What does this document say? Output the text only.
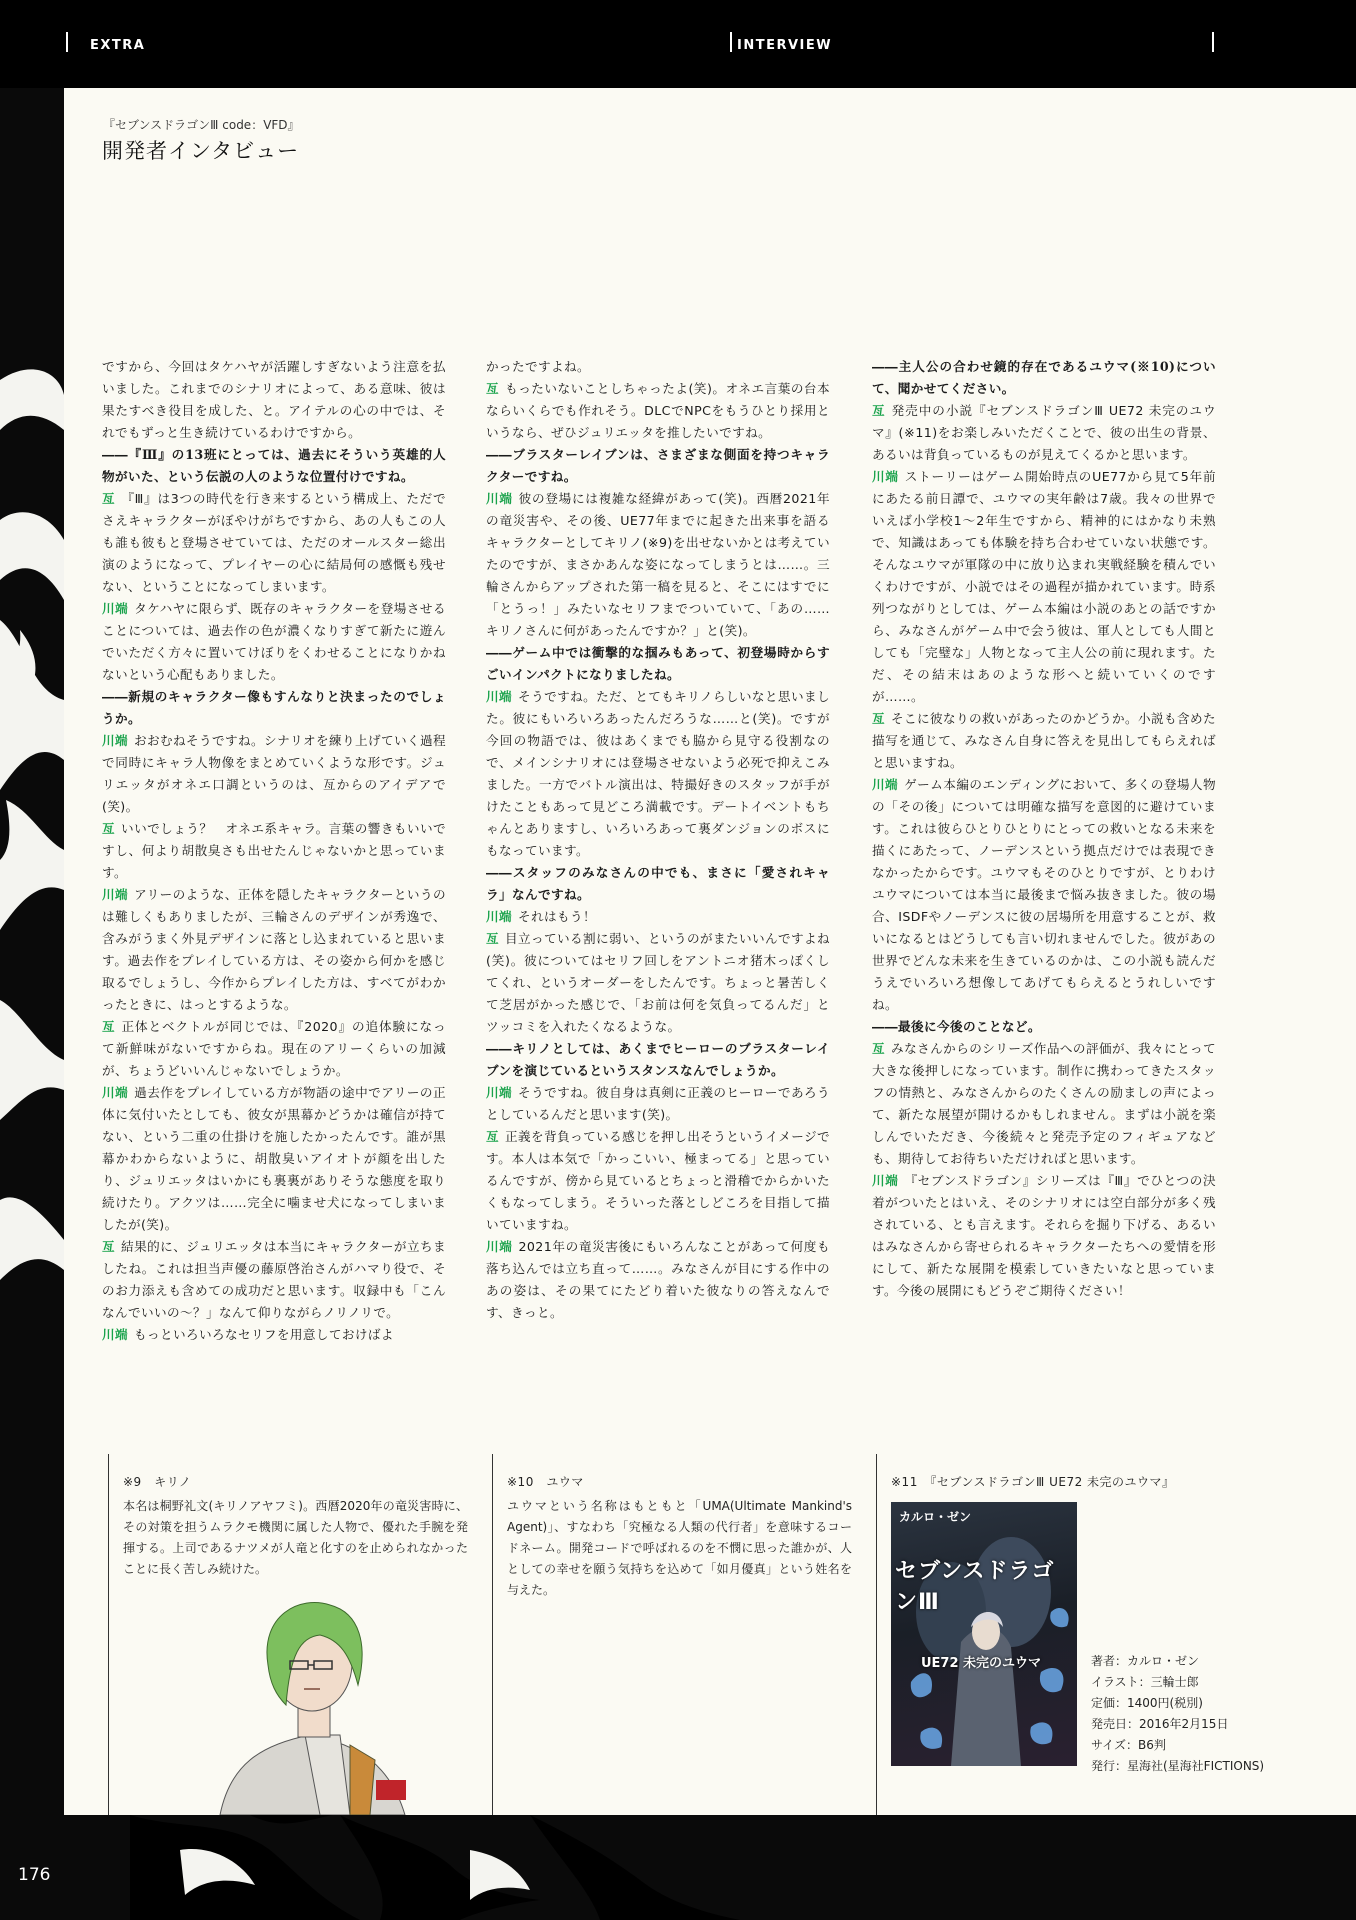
EXTRA	INTERVIEW
『セブンスドラゴンⅢ code：VFD』
開発者インタビュー

ですから、今回はタケハヤが活躍しすぎないよう注意を払いました。これまでのシナリオによって、ある意味、彼は果たすべき役目を成した、と。アイテルの心の中では、それでもずっと生き続けているわけですから。

――『Ⅲ』の13班にとっては、過去にそういう英雄的人物がいた、という伝説の人のような位置付けですね。

亙 『Ⅲ』は3つの時代を行き来するという構成上、ただでさえキャラクターがぼやけがちですから、あの人もこの人も誰も彼もと登場させていては、ただのオールスター総出演のようになって、プレイヤーの心に結局何の感慨も残せない、ということになってしまいます。

川端 タケハヤに限らず、既存のキャラクターを登場させることについては、過去作の色が濃くなりすぎて新たに遊んでいただく方々に置いてけぼりをくわせることになりかねないという心配もありました。

――新規のキャラクター像もすんなりと決まったのでしょうか。

川端 おおむねそうですね。シナリオを練り上げていく過程で同時にキャラ人物像をまとめていくような形です。ジュリエッタがオネエ口調というのは、亙からのアイデアで(笑)。

亙 いいでしょう？　オネエ系キャラ。言葉の響きもいいですし、何より胡散臭さも出せたんじゃないかと思っています。

川端 アリーのような、正体を隠したキャラクターというのは難しくもありましたが、三輪さんのデザインが秀逸で、含みがうまく外見デザインに落とし込まれていると思います。過去作をプレイしている方は、その姿から何かを感じ取るでしょうし、今作からプレイした方は、すべてがわかったときに、はっとするような。

亙 正体とベクトルが同じでは、『2020』の追体験になって新鮮味がないですからね。現在のアリーくらいの加減が、ちょうどいいんじゃないでしょうか。

川端 過去作をプレイしている方が物語の途中でアリーの正体に気付いたとしても、彼女が黒幕かどうかは確信が持てない、という二重の仕掛けを施したかったんです。誰が黒幕かわからないように、胡散臭いアイオトが顔を出したり、ジュリエッタはいかにも裏裏がありそうな態度を取り続けたり。アクツは……完全に噛ませ犬になってしまいましたが(笑)。

亙 結果的に、ジュリエッタは本当にキャラクターが立ちましたね。これは担当声優の藤原啓治さんがハマり役で、そのお力添えも含めての成功だと思います。収録中も「こんなんでいいの～？」なんて仰りながらノリノリで。

川端 もっといろいろなセリフを用意しておけばよ

かったですよね。

亙 もったいないことしちゃったよ(笑)。オネエ言葉の台本ならいくらでも作れそう。DLCでNPCをもうひとり採用というなら、ぜひジュリエッタを推したいですね。

――ブラスターレイブンは、さまざまな側面を持つキャラクターですね。

川端 彼の登場には複雑な経緯があって(笑)。西暦2021年の竜災害や、その後、UE77年までに起きた出来事を語るキャラクターとしてキリノ(※9)を出せないかとは考えていたのですが、まさかあんな姿になってしまうとは……。三輪さんからアップされた第一稿を見ると、そこにはすでに「とうっ！」みたいなセリフまでついていて、「あの……キリノさんに何があったんですか？」と(笑)。

――ゲーム中では衝撃的な掴みもあって、初登場時からすごいインパクトになりましたね。

川端 そうですね。ただ、とてもキリノらしいなと思いました。彼にもいろいろあったんだろうな……と(笑)。ですが今回の物語では、彼はあくまでも脇から見守る役割なので、メインシナリオには登場させないよう必死で抑えこみました。一方でバトル演出は、特撮好きのスタッフが手がけたこともあって見どころ満載です。デートイベントもちゃんとありますし、いろいろあって裏ダンジョンのボスにもなっています。

――スタッフのみなさんの中でも、まさに「愛されキャラ」なんですね。

川端 それはもう！

亙 目立っている割に弱い、というのがまたいいんですよね(笑)。彼についてはセリフ回しをアントニオ猪木っぽくしてくれ、というオーダーをしたんです。ちょっと暑苦しくて芝居がかった感じで、「お前は何を気負ってるんだ」とツッコミを入れたくなるような。

――キリノとしては、あくまでヒーローのブラスターレイブンを演じているというスタンスなんでしょうか。

川端 そうですね。彼自身は真剣に正義のヒーローであろうとしているんだと思います(笑)。

亙 正義を背負っている感じを押し出そうというイメージです。本人は本気で「かっこいい、極まってる」と思っているんですが、傍から見ているとちょっと滑稽でからかいたくもなってしまう。そういった落としどころを目指して描いていますね。

川端 2021年の竜災害後にもいろんなことがあって何度も落ち込んでは立ち直って……。みなさんが目にする作中のあの姿は、その果てにたどり着いた彼なりの答えなんです、きっと。

――主人公の合わせ鏡的存在であるユウマ(※10)について、聞かせてください。

亙 発売中の小説『セブンスドラゴンⅢ UE72 未完のユウマ』(※11)をお楽しみいただくことで、彼の出生の背景、あるいは背負っているものが見えてくるかと思います。

川端 ストーリーはゲーム開始時点のUE77から見て5年前にあたる前日譚で、ユウマの実年齢は7歳。我々の世界でいえば小学校1～2年生ですから、精神的にはかなり未熟で、知識はあっても体験を持ち合わせていない状態です。そんなユウマが軍隊の中に放り込まれ実戦経験を積んでいくわけですが、小説ではその過程が描かれています。時系列つながりとしては、ゲーム本編は小説のあとの話ですから、みなさんがゲーム中で会う彼は、軍人としても人間としても「完璧な」人物となって主人公の前に現れます。ただ、その結末はあのような形へと続いていくのですが……。

亙 そこに彼なりの救いがあったのかどうか。小説も含めた描写を通じて、みなさん自身に答えを見出してもらえればと思いますね。

川端 ゲーム本編のエンディングにおいて、多くの登場人物の「その後」については明確な描写を意図的に避けています。これは彼らひとりひとりにとっての救いとなる未来を描くにあたって、ノーデンスという拠点だけでは表現できなかったからです。ユウマもそのひとりですが、とりわけユウマについては本当に最後まで悩み抜きました。彼の場合、ISDFやノーデンスに彼の居場所を用意することが、救いになるとはどうしても言い切れませんでした。彼があの世界でどんな未来を生きているのかは、この小説も読んだうえでいろいろ想像してあげてもらえるとうれしいですね。

――最後に今後のことなど。

亙 みなさんからのシリーズ作品への評価が、我々にとって大きな後押しになっています。制作に携わってきたスタッフの情熱と、みなさんからのたくさんの励ましの声によって、新たな展望が開けるかもしれません。まずは小説を楽しんでいただき、今後続々と発売予定のフィギュアなども、期待してお待ちいただければと思います。

川端 『セブンスドラゴン』シリーズは『Ⅲ』でひとつの決着がついたとはいえ、そのシナリオには空白部分が多く残されている、とも言えます。それらを掘り下げる、あるいはみなさんから寄せられるキャラクターたちへの愛情を形にして、新たな展開を模索していきたいなと思っています。今後の展開にもどうぞご期待ください！

※9　キリノ
本名は桐野礼文(キリノアヤフミ)。西暦2020年の竜災害時に、その対策を担うムラクモ機関に属した人物で、優れた手腕を発揮する。上司であるナツメが人竜と化すのを止められなかったことに長く苦しみ続けた。
※10　ユウマ
ユウマという名称はもともと「UMA(Ultimate Mankind's Agent)」、すなわち「究極なる人類の代行者」を意味するコードネーム。開発コードで呼ばれるのを不憫に思った誰かが、人としての幸せを願う気持ちを込めて「如月優真」という姓名を与えた。
※11　『セブンスドラゴンⅢ UE72 未完のユウマ』
カルロ・ゼン
セブンスドラゴンⅢ
UE72 未完のユウマ	著者：カルロ・ゼン

イラスト：三輪士郎

定価：1400円(税別)

発売日：2016年2月15日

サイズ：B6判

発行：星海社(星海社FICTIONS)

176
